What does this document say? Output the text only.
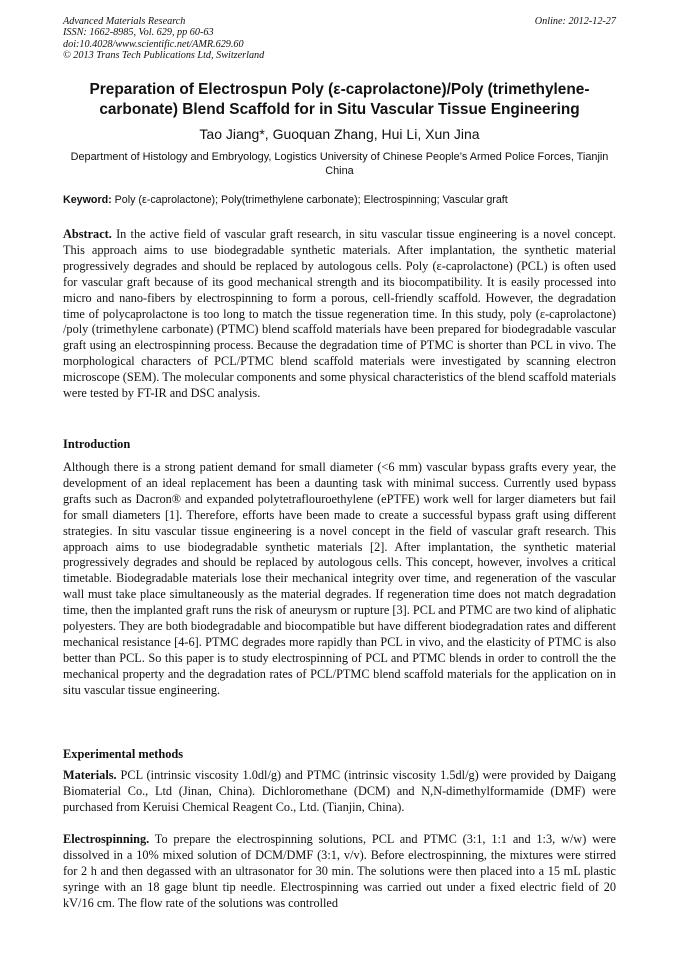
Advanced Materials Research
ISSN: 1662-8985, Vol. 629, pp 60-63
doi:10.4028/www.scientific.net/AMR.629.60
© 2013 Trans Tech Publications Ltd, Switzerland
Online: 2012-12-27
Preparation of Electrospun Poly (ε-caprolactone)/Poly (trimethylene-carbonate) Blend Scaffold for in Situ Vascular Tissue Engineering
Tao Jiang*, Guoquan Zhang, Hui Li, Xun Jina
Department of Histology and Embryology, Logistics University of Chinese People’s Armed Police Forces, Tianjin China
Keyword: Poly (ε-caprolactone); Poly(trimethylene carbonate); Electrospinning; Vascular graft
Abstract. In the active field of vascular graft research, in situ vascular tissue engineering is a novel concept. This approach aims to use biodegradable synthetic materials. After implantation, the synthetic material progressively degrades and should be replaced by autologous cells. Poly (ε-caprolactone) (PCL) is often used for vascular graft because of its good mechanical strength and its biocompatibility. It is easily processed into micro and nano-fibers by electrospinning to form a porous, cell-friendly scaffold. However, the degradation time of polycaprolactone is too long to match the tissue regeneration time. In this study, poly (ε-caprolactone) /poly (trimethylene carbonate) (PTMC) blend scaffold materials have been prepared for biodegradable vascular graft using an electrospinning process. Because the degradation time of PTMC is shorter than PCL in vivo. The morphological characters of PCL/PTMC blend scaffold materials were investigated by scanning electron microscope (SEM). The molecular components and some physical characteristics of the blend scaffold materials were tested by FT-IR and DSC analysis.
Introduction
Although there is a strong patient demand for small diameter (<6 mm) vascular bypass grafts every year, the development of an ideal replacement has been a daunting task with minimal success. Currently used bypass grafts such as Dacron® and expanded polytetraflouroethylene (ePTFE) work well for larger diameters but fail for small diameters [1]. Therefore, efforts have been made to create a successful bypass graft using different strategies. In situ vascular tissue engineering is a novel concept in the field of vascular graft research. This approach aims to use biodegradable synthetic materials [2]. After implantation, the synthetic material progressively degrades and should be replaced by autologous cells. This concept, however, involves a critical timetable. Biodegradable materials lose their mechanical integrity over time, and regeneration of the vascular wall must take place simultaneously as the material degrades. If regeneration time does not match degradation time, then the implanted graft runs the risk of aneurysm or rupture [3]. PCL and PTMC are two kind of aliphatic polyesters. They are both biodegradable and biocompatible but have different biodegradation rates and different mechanical resistance [4-6]. PTMC degrades more rapidly than PCL in vivo, and the elasticity of PTMC is also better than PCL. So this paper is to study electrospinning of PCL and PTMC blends in order to controll the the mechanical property and the degradation rates of PCL/PTMC blend scaffold materials for the application on in situ vascular tissue engineering.
Experimental methods
Materials. PCL (intrinsic viscosity 1.0dl/g) and PTMC (intrinsic viscosity 1.5dl/g) were provided by Daigang Biomaterial Co., Ltd (Jinan, China). Dichloromethane (DCM) and N,N-dimethylformamide (DMF) were purchased from Keruisi Chemical Reagent Co., Ltd. (Tianjin, China).
Electrospinning. To prepare the electrospinning solutions, PCL and PTMC (3:1, 1:1 and 1:3, w/w) were dissolved in a 10% mixed solution of DCM/DMF (3:1, v/v). Before electrospinning, the mixtures were stirred for 2 h and then degassed with an ultrasonator for 30 min. The solutions were then placed into a 15 mL plastic syringe with an 18 gage blunt tip needle. Electrospinning was carried out under a fixed electric field of 20 kV/16 cm. The flow rate of the solutions was controlled
